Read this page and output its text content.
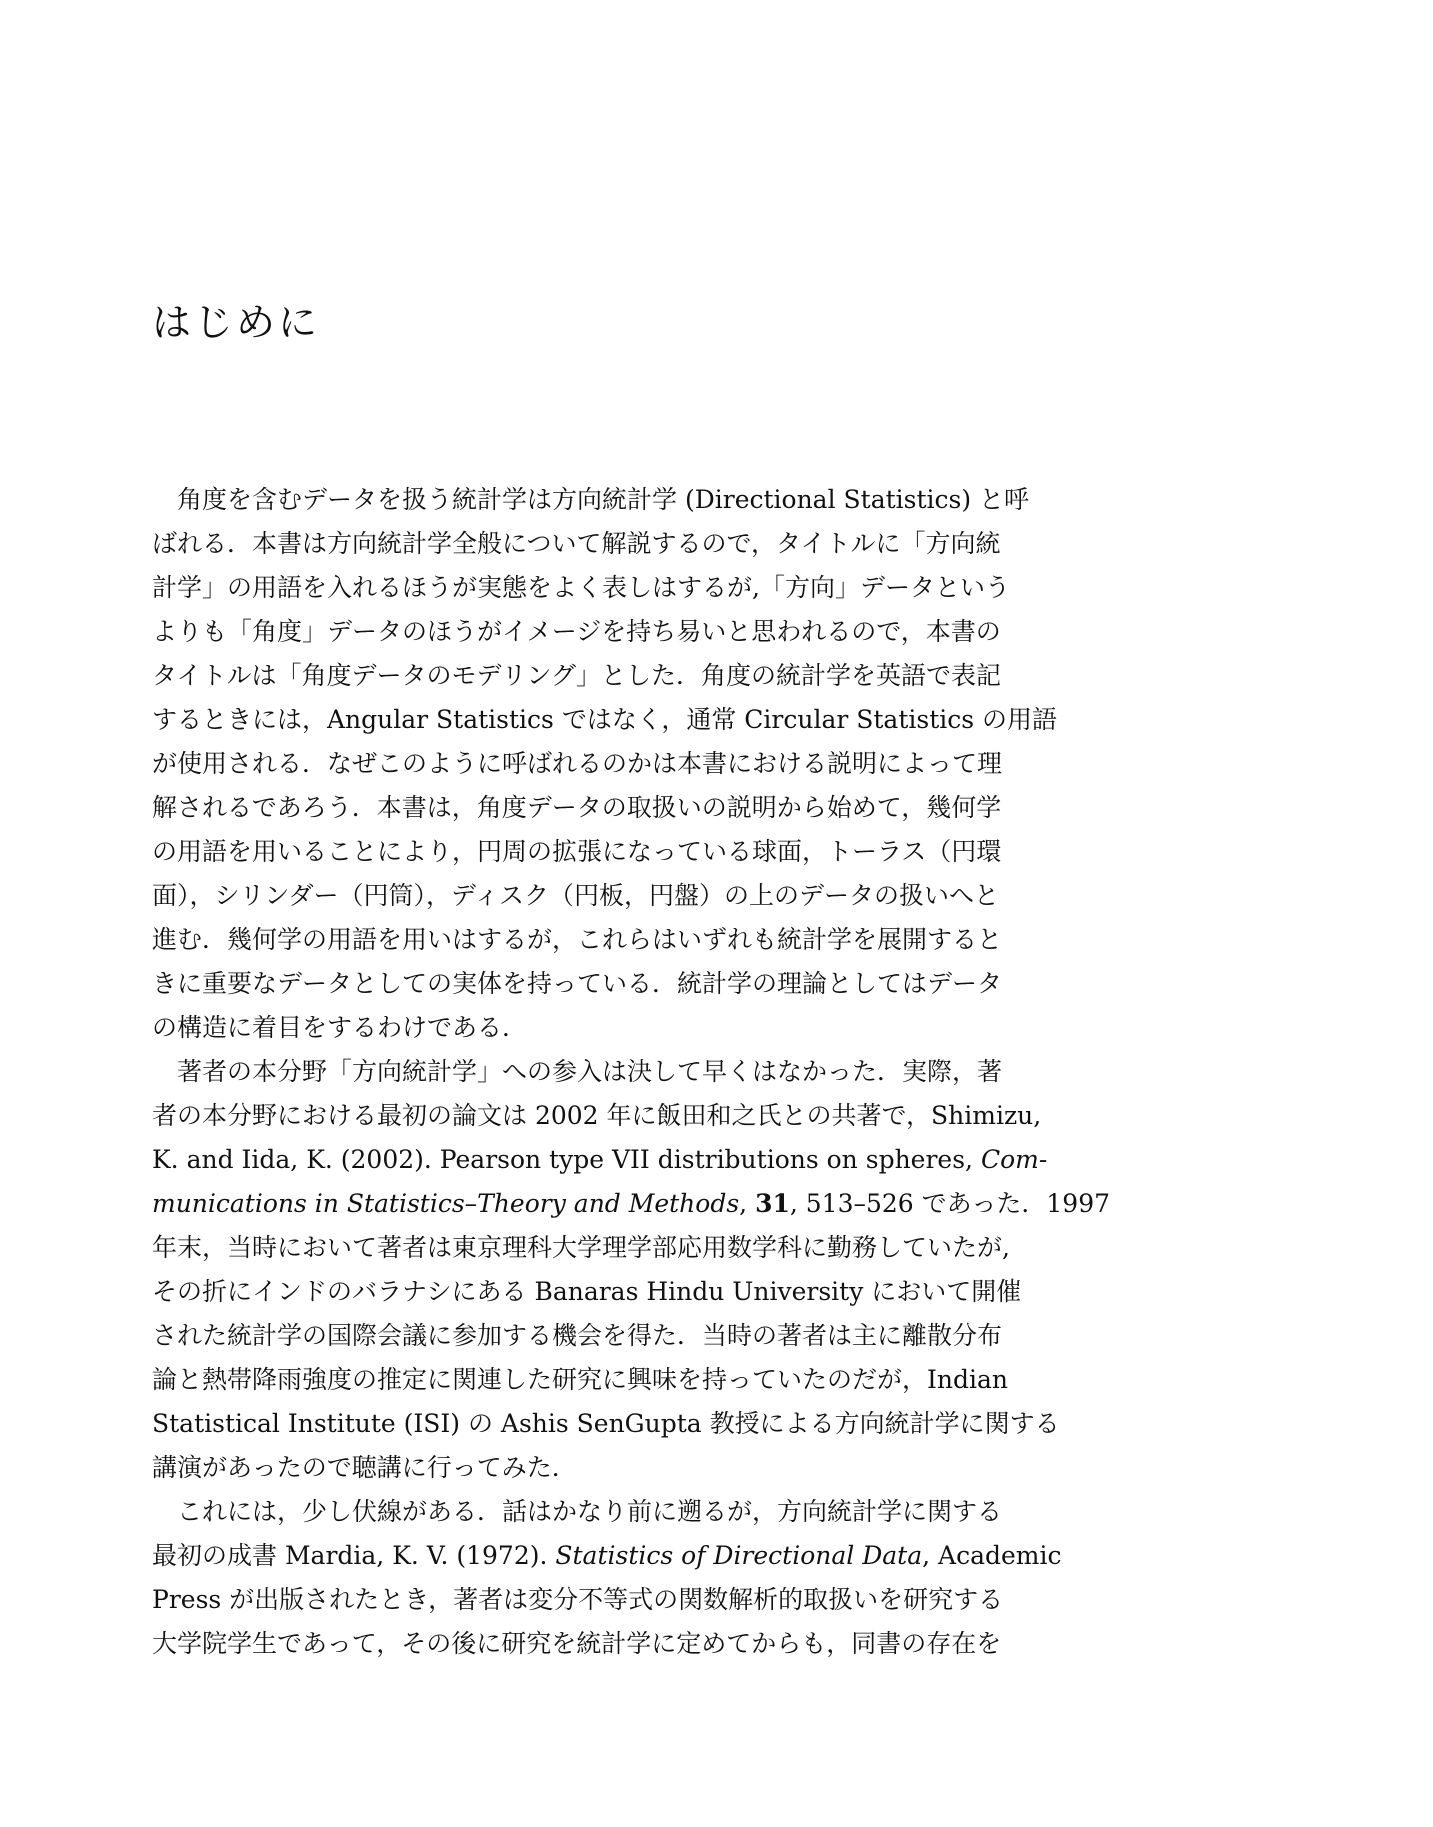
はじめに
角度を含むデータを扱う統計学は方向統計学 (Directional Statistics) と呼
ばれる．本書は方向統計学全般について解説するので，タイトルに「方向統
計学」の用語を入れるほうが実態をよく表しはするが,「方向」データという
よりも「角度」データのほうがイメージを持ち易いと思われるので，本書の
タイトルは「角度データのモデリング」とした．角度の統計学を英語で表記
するときには，Angular Statistics ではなく，通常 Circular Statistics の用語
が使用される．なぜこのように呼ばれるのかは本書における説明によって理
解されるであろう．本書は，角度データの取扱いの説明から始めて，幾何学
の用語を用いることにより，円周の拡張になっている球面，トーラス（円環
面），シリンダー（円筒），ディスク（円板，円盤）の上のデータの扱いへと
進む．幾何学の用語を用いはするが，これらはいずれも統計学を展開すると
きに重要なデータとしての実体を持っている．統計学の理論としてはデータ
の構造に着目をするわけである．
著者の本分野「方向統計学」への参入は決して早くはなかった．実際，著
者の本分野における最初の論文は 2002 年に飯田和之氏との共著で，Shimizu,
K. and Iida, K. (2002). Pearson type VII distributions on spheres, Com-
munications in Statistics–Theory and Methods, 31, 513–526 であった．1997
年末，当時において著者は東京理科大学理学部応用数学科に勤務していたが,
その折にインドのバラナシにある Banaras Hindu University において開催
された統計学の国際会議に参加する機会を得た．当時の著者は主に離散分布
論と熱帯降雨強度の推定に関連した研究に興味を持っていたのだが，Indian
Statistical Institute (ISI) の Ashis SenGupta 教授による方向統計学に関する
講演があったので聴講に行ってみた．
これには，少し伏線がある．話はかなり前に遡るが，方向統計学に関する
最初の成書 Mardia, K. V. (1972). Statistics of Directional Data, Academic
Press が出版されたとき，著者は変分不等式の関数解析的取扱いを研究する
大学院学生であって，その後に研究を統計学に定めてからも，同書の存在を
